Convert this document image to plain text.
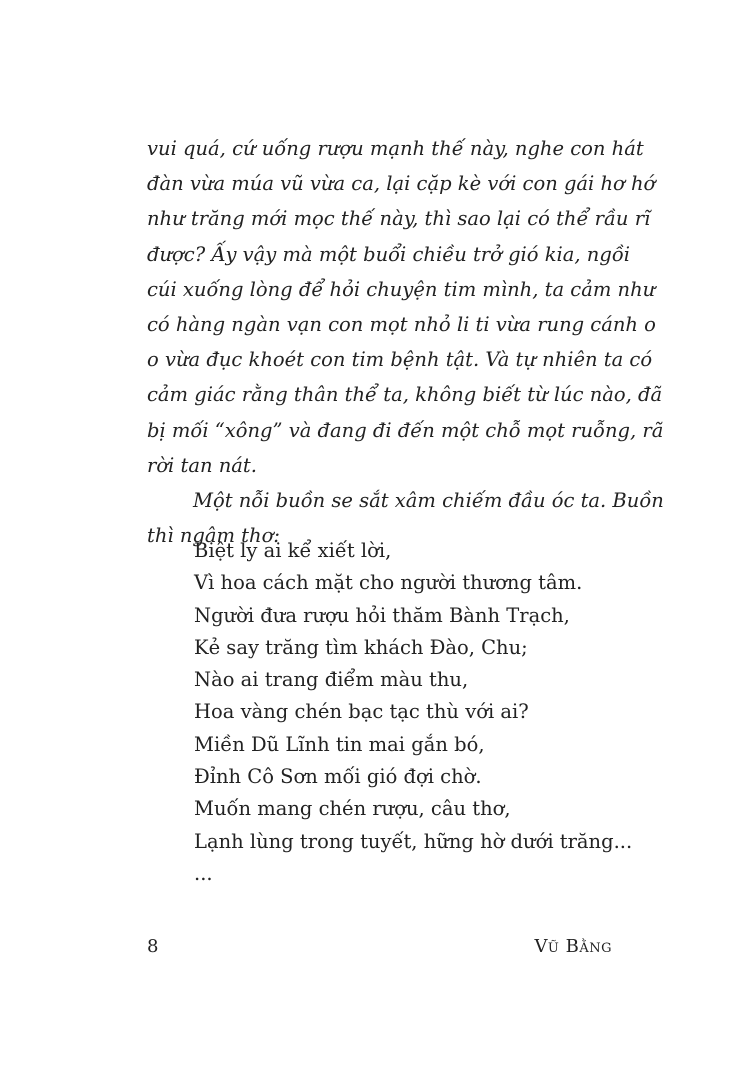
vui quá, cứ uống rượu mạnh thế này, nghe con hát
đàn vừa múa vũ vừa ca, lại cặp kè với con gái hơ hớ
như trăng mới mọc thế này, thì sao lại có thể rầu rĩ
được? Ấy vậy mà một buổi chiều trở gió kia, ngồi
cúi xuống lòng để hỏi chuyện tim mình, ta cảm như
có hàng ngàn vạn con mọt nhỏ li ti vừa rung cánh o
o vừa đục khoét con tim bệnh tật. Và tự nhiên ta có
cảm giác rằng thân thể ta, không biết từ lúc nào, đã
bị mối “xông” và đang đi đến một chỗ mọt ruỗng, rã
rời tan nát.
Một nỗi buồn se sắt xâm chiếm đầu óc ta. Buồn
thì ngâm thơ:
Biệt ly ai kể xiết lời,
Vì hoa cách mặt cho người thương tâm.
Người đưa rượu hỏi thăm Bành Trạch,
Kẻ say trăng tìm khách Đào, Chu;
Nào ai trang điểm màu thu,
Hoa vàng chén bạc tạc thù với ai?
Miền Dũ Lĩnh tin mai gắn bó,
Đỉnh Cô Sơn mối gió đợi chờ.
Muốn mang chén rượu, câu thơ,
Lạnh lùng trong tuyết, hững hờ dưới trăng...
...
8	Vũ Bằng
